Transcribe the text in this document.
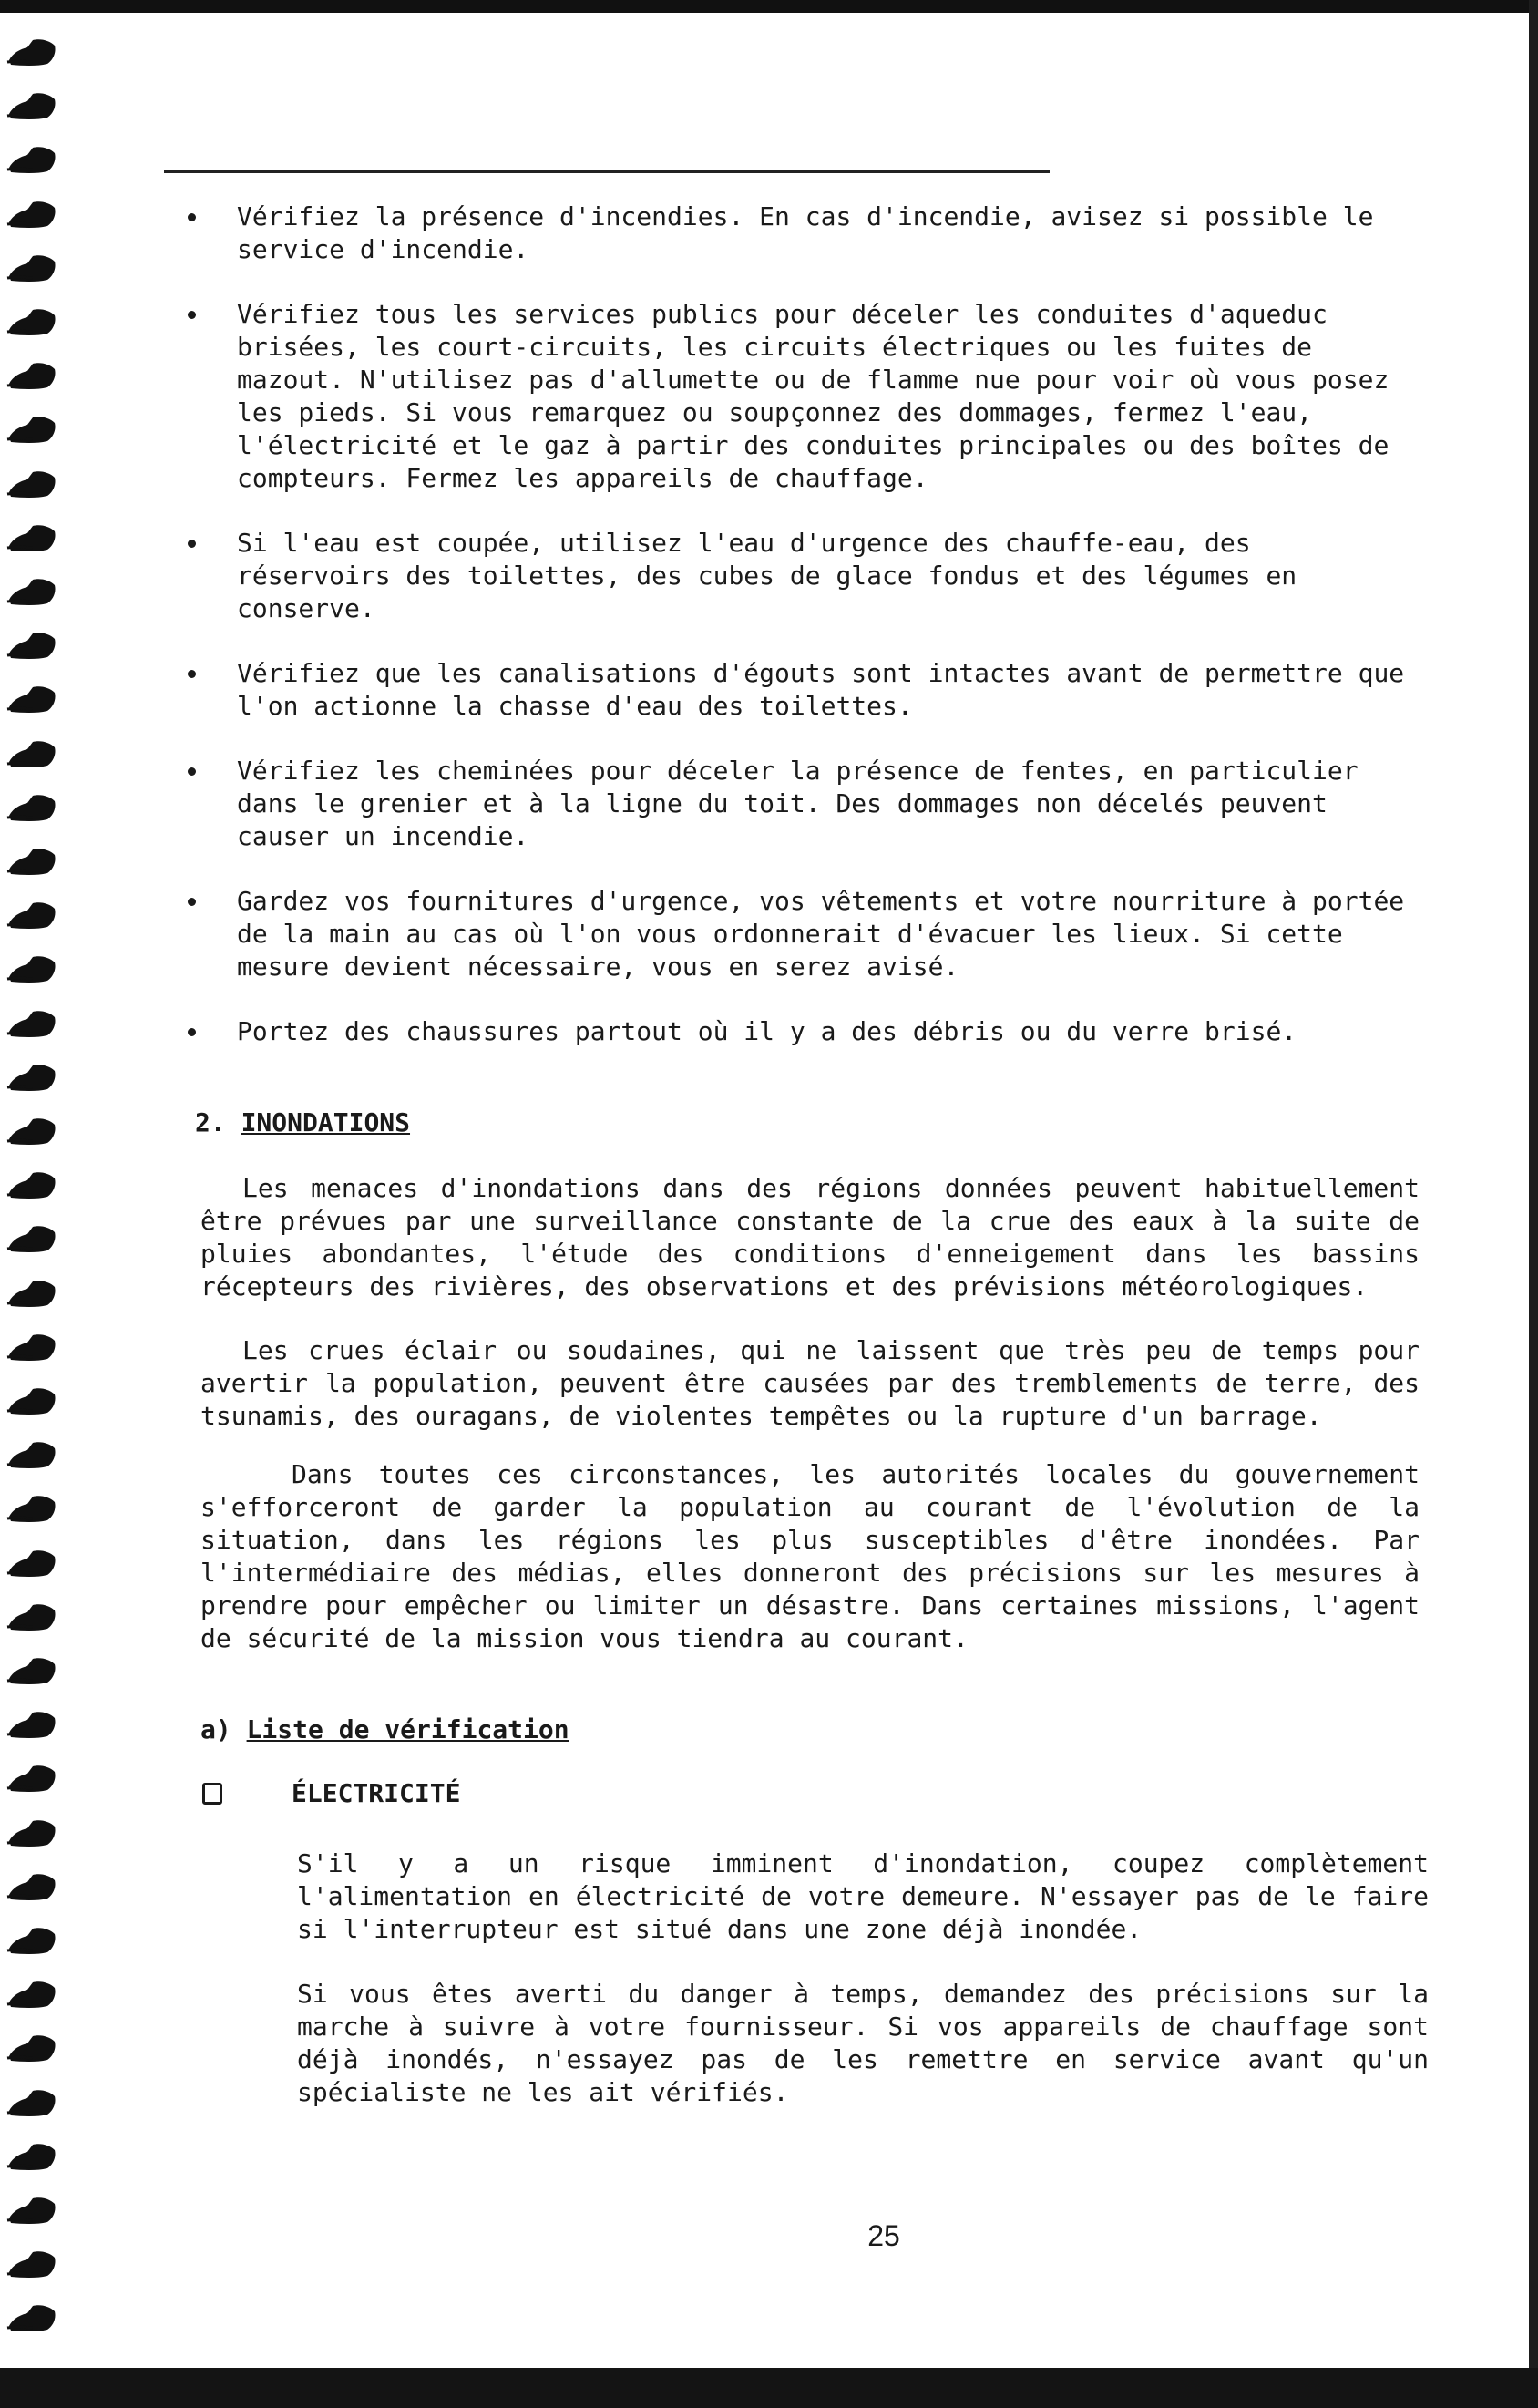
Vérifiez la présence d'incendies. En cas d'incendie, avisez si possible le service d'incendie.
Vérifiez tous les services publics pour déceler les conduites d'aqueduc brisées, les court-circuits, les circuits électriques ou les fuites de mazout. N'utilisez pas d'allumette ou de flamme nue pour voir où vous posez les pieds. Si vous remarquez ou soupçonnez des dommages, fermez l'eau, l'électricité et le gaz à partir des conduites principales ou des boîtes de compteurs. Fermez les appareils de chauffage.
Si l'eau est coupée, utilisez l'eau d'urgence des chauffe-eau, des réservoirs des toilettes, des cubes de glace fondus et des légumes en conserve.
Vérifiez que les canalisations d'égouts sont intactes avant de permettre que l'on actionne la chasse d'eau des toilettes.
Vérifiez les cheminées pour déceler la présence de fentes, en particulier dans le grenier et à la ligne du toit. Des dommages non décelés peuvent causer un incendie.
Gardez vos fournitures d'urgence, vos vêtements et votre nourriture à portée de la main au cas où l'on vous ordonnerait d'évacuer les lieux. Si cette mesure devient nécessaire, vous en serez avisé.
Portez des chaussures partout où il y a des débris ou du verre brisé.
2. INONDATIONS

Les menaces d'inondations dans des régions données peuvent habituellement être prévues par une surveillance constante de la crue des eaux à la suite de pluies abondantes, l'étude des conditions d'enneigement dans les bassins récepteurs des rivières, des observations et des prévisions météorologiques.

Les crues éclair ou soudaines, qui ne laissent que très peu de temps pour avertir la population, peuvent être causées par des tremblements de terre, des tsunamis, des ouragans, de violentes tempêtes ou la rupture d'un barrage.

Dans toutes ces circonstances, les autorités locales du gouvernement s'efforceront de garder la population au courant de l'évolution de la situation, dans les régions les plus susceptibles d'être inondées. Par l'intermédiaire des médias, elles donneront des précisions sur les mesures à prendre pour empêcher ou limiter un désastre. Dans certaines missions, l'agent de sécurité de la mission vous tiendra au courant.

a) Liste de vérification
ÉLECTRICITÉ

S'il y a un risque imminent d'inondation, coupez complètement l'alimentation en électricité de votre demeure. N'essayer pas de le faire si l'interrupteur est situé dans une zone déjà inondée.

Si vous êtes averti du danger à temps, demandez des précisions sur la marche à suivre à votre fournisseur. Si vos appareils de chauffage sont déjà inondés, n'essayez pas de les remettre en service avant qu'un spécialiste ne les ait vérifiés.

25
